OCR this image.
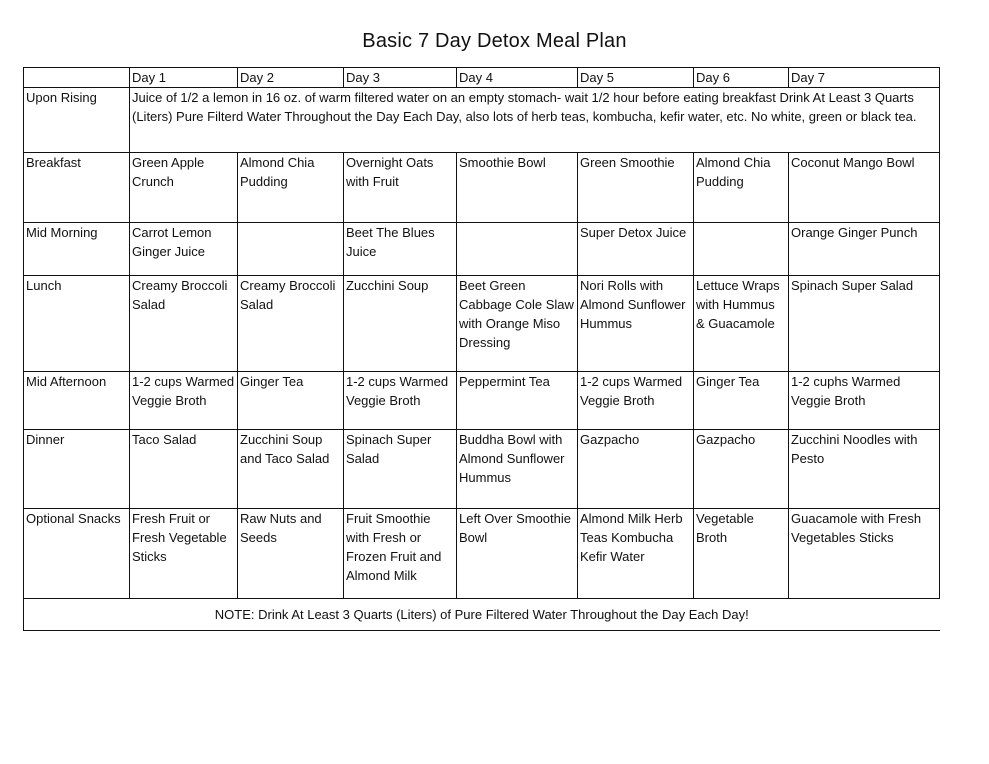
Basic 7 Day Detox Meal Plan
	Day 1	Day 2	Day 3	Day 4	Day 5	Day 6	Day 7
Upon Rising	Juice of 1/2 a lemon in 16 oz. of warm filtered water on an empty stomach- wait 1/2 hour before eating breakfast Drink At Least 3 Quarts (Liters) Pure Filterd Water Throughout the Day Each Day, also lots of herb teas, kombucha, kefir water, etc. No white, green or black tea.						
Breakfast	Green Apple Crunch	Almond Chia Pudding	Overnight Oats with Fruit	Smoothie Bowl	Green Smoothie	Almond Chia Pudding	Coconut Mango Bowl
Mid Morning	Carrot Lemon Ginger Juice		Beet The Blues Juice		Super Detox Juice		Orange Ginger Punch
Lunch	Creamy Broccoli Salad	Creamy Broccoli Salad	Zucchini Soup	Beet Green Cabbage Cole Slaw with Orange Miso Dressing	Nori Rolls with Almond Sunflower Hummus	Lettuce Wraps with Hummus & Guacamole	Spinach Super Salad
Mid Afternoon	1-2 cups Warmed Veggie Broth	Ginger Tea	1-2 cups Warmed Veggie Broth	Peppermint Tea	1-2 cups Warmed Veggie Broth	Ginger Tea	1-2 cuphs Warmed Veggie Broth
Dinner	Taco Salad	Zucchini Soup and Taco Salad	Spinach Super Salad	Buddha Bowl with Almond Sunflower Hummus	Gazpacho	Gazpacho	Zucchini Noodles with Pesto
Optional Snacks	Fresh Fruit or Fresh Vegetable Sticks	Raw Nuts and Seeds	Fruit Smoothie with Fresh or Frozen Fruit and Almond Milk	Left Over Smoothie Bowl	Almond Milk Herb Teas Kombucha Kefir Water	Vegetable Broth	Guacamole with Fresh Vegetables Sticks
NOTE: Drink At Least 3 Quarts (Liters) of Pure Filtered Water Throughout the Day Each Day!							
